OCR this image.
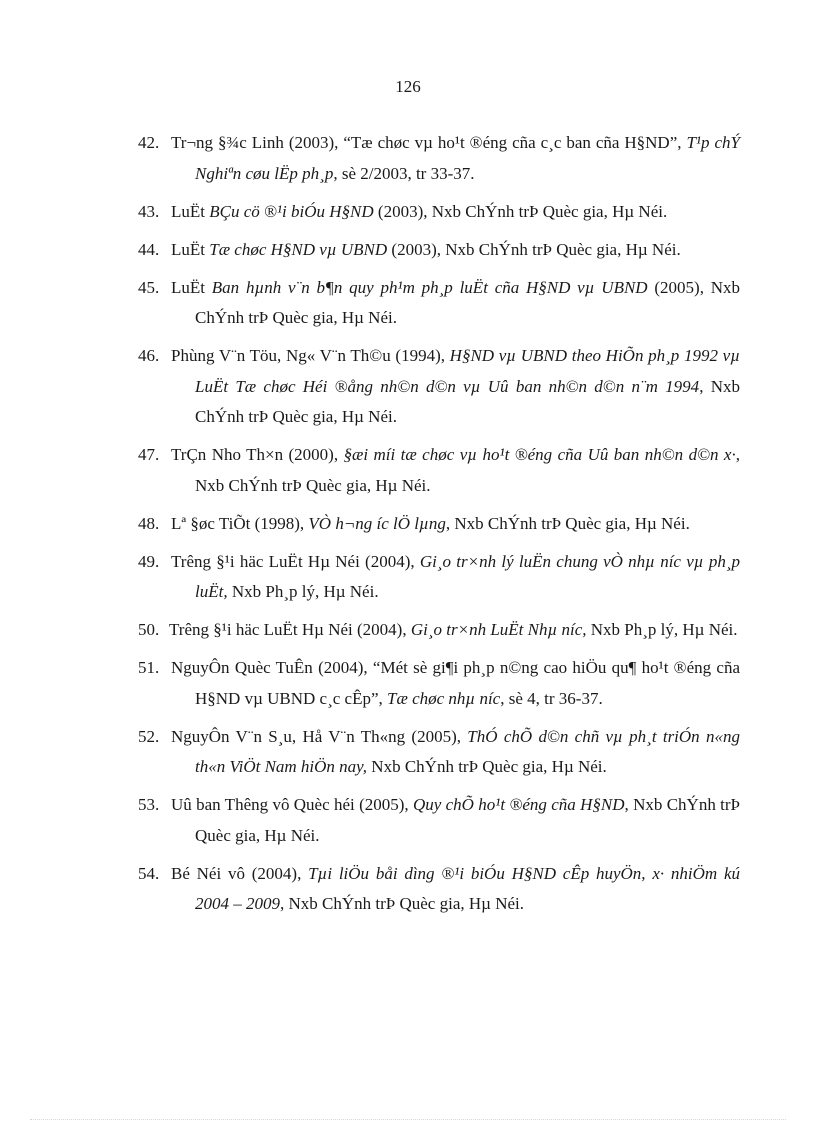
126
42. Tr¬ng §¾c Linh (2003), “Tæ chøc vµ ho¹t ®éng cña c¸c ban cña H§ND”, T¹p chÝ Nghiªn cøu lËp ph¸p, sè 2/2003, tr 33-37.
43. LuËt BÇu cö ®¹i biÓu H§ND (2003), Nxb ChÝnh trÞ Quèc gia, Hµ Néi.
44. LuËt Tæ chøc H§ND vµ UBND (2003), Nxb ChÝnh trÞ Quèc gia, Hµ Néi.
45. LuËt Ban hµnh v¨n b¶n quy ph¹m ph¸p luËt cña H§ND vµ UBND (2005), Nxb ChÝnh trÞ Quèc gia, Hµ Néi.
46. Phùng V¨n Töu, Ng« V¨n Th©u (1994), H§ND vµ UBND theo HiÕn ph¸p 1992 vµ LuËt Tæ chøc Héi ®ång nh©n d©n vµ Uû ban nh©n d©n n¨m 1994, Nxb ChÝnh trÞ Quèc gia, Hµ Néi.
47. TrÇn Nho Th×n (2000), §æi míi tæ chøc vµ ho¹t ®éng cña Uû ban nh©n d©n x·, Nxb ChÝnh trÞ Quèc gia, Hµ Néi.
48. Lª §øc TiÕt (1998), VÒ h¬ng íc lÖ lµng, Nxb ChÝnh trÞ Quèc gia, Hµ Néi.
49. Trêng §¹i häc LuËt Hµ Néi (2004), Gi¸o tr×nh lý luËn chung vÒ nhµ níc vµ ph¸p luËt, Nxb Ph¸p lý, Hµ Néi.
50. Trêng §¹i häc LuËt Hµ Néi (2004), Gi¸o tr×nh LuËt Nhµ níc, Nxb Ph¸p lý, Hµ Néi.
51. NguyÔn Quèc TuÊn (2004), “Mét sè gi¶i ph¸p n©ng cao hiÖu qu¶ ho¹t ®éng cña H§ND vµ UBND c¸c cÊp”, Tæ chøc nhµ níc, sè 4, tr 36-37.
52. NguyÔn V¨n S¸u, Hå V¨n Th«ng (2005), ThÓ chÕ d©n chñ vµ ph¸t triÓn n«ng th«n ViÖt Nam hiÖn nay, Nxb ChÝnh trÞ Quèc gia, Hµ Néi.
53. Uû ban Thêng vô Quèc héi (2005), Quy chÕ ho¹t ®éng cña H§ND, Nxb ChÝnh trÞ Quèc gia, Hµ Néi.
54. Bé Néi vô (2004), Tµi liÖu båi dìng ®¹i biÓu H§ND cÊp huyÖn, x· nhiÖm kú 2004 – 2009, Nxb ChÝnh trÞ Quèc gia, Hµ Néi.
